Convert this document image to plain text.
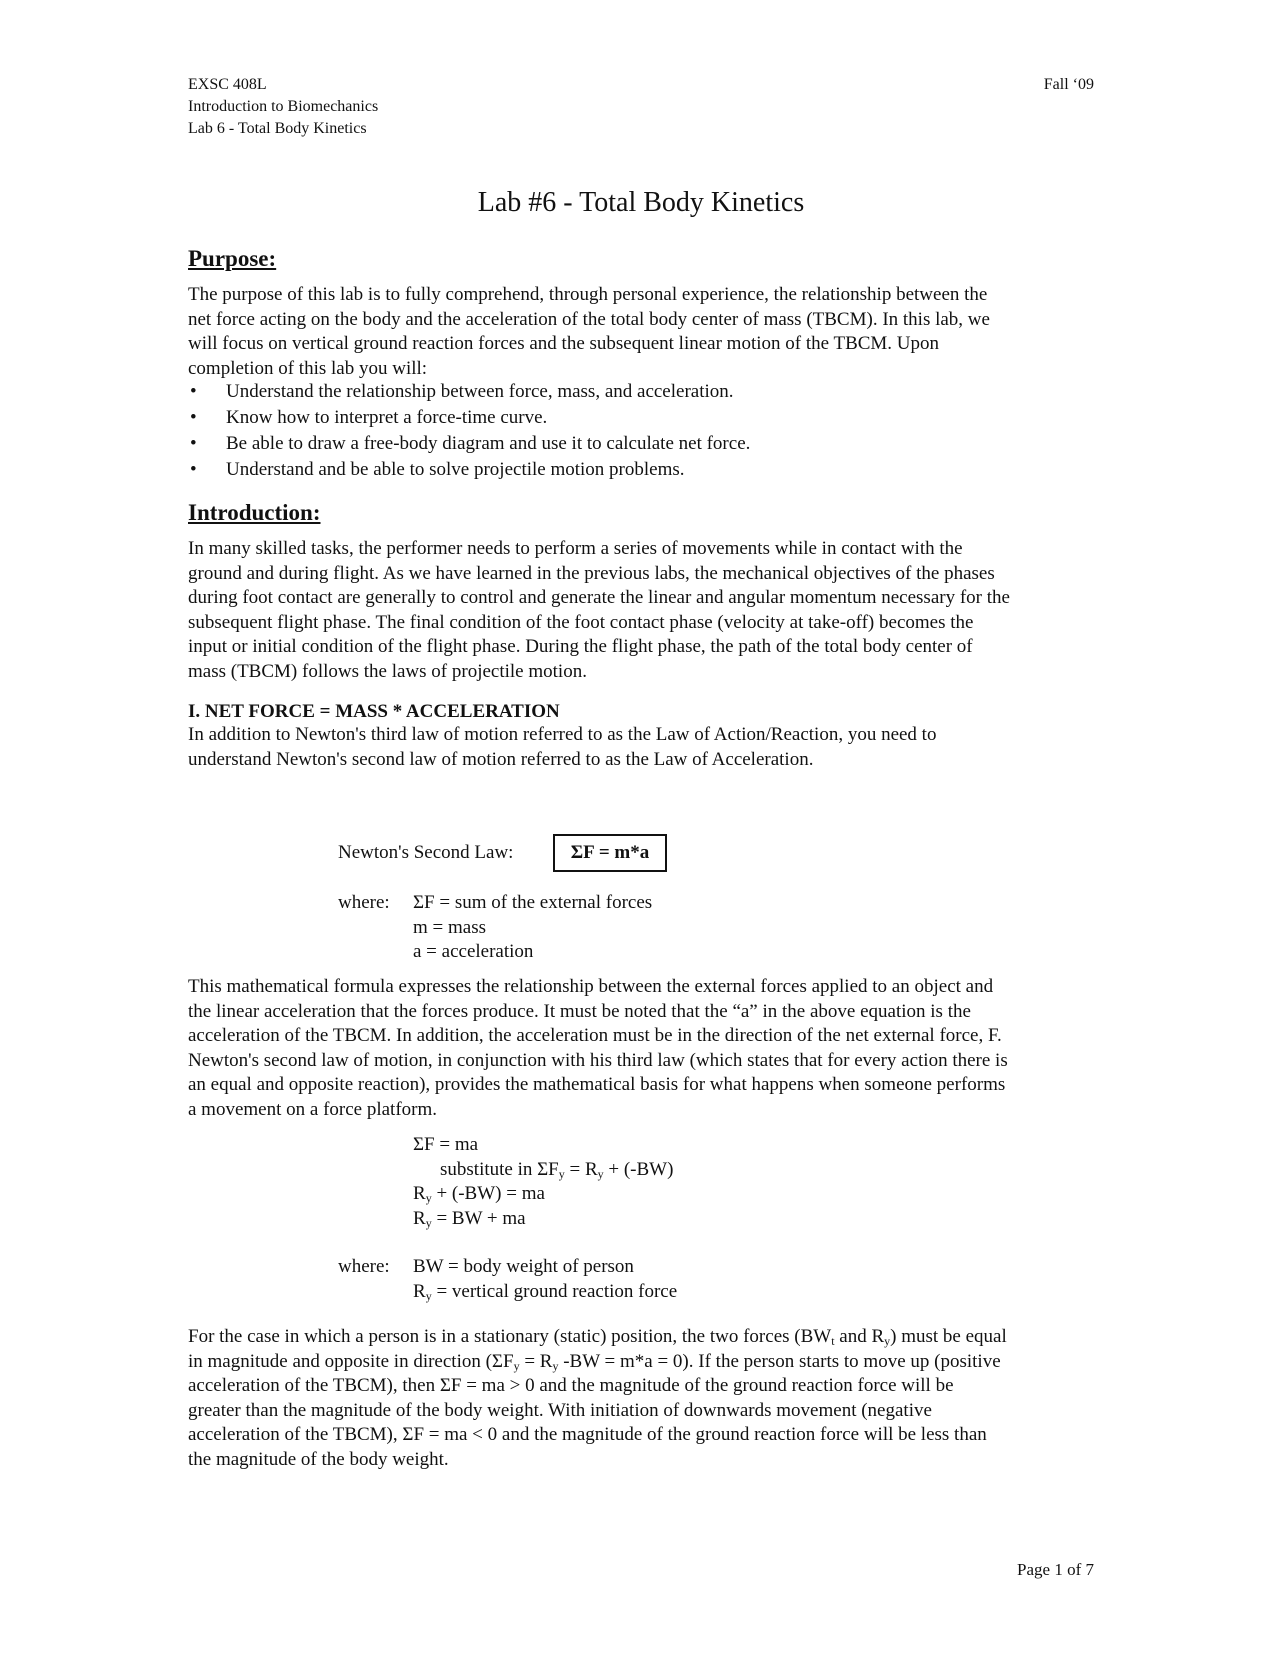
EXSC 408L
Introduction to Biomechanics
Lab 6 - Total Body Kinetics
Fall ‘09
Lab #6 - Total Body Kinetics
Purpose:

The purpose of this lab is to fully comprehend, through personal experience, the relationship between the

net force acting on the body and the acceleration of the total body center of mass (TBCM). In this lab, we

will focus on vertical ground reaction forces and the subsequent linear motion of the TBCM. Upon

completion of this lab you will:

• Understand the relationship between force, mass, and acceleration.
• Know how to interpret a force-time curve.
• Be able to draw a free-body diagram and use it to calculate net force.
• Understand and be able to solve projectile motion problems.
Introduction:

In many skilled tasks, the performer needs to perform a series of movements while in contact with the

ground and during flight. As we have learned in the previous labs, the mechanical objectives of the phases

during foot contact are generally to control and generate the linear and angular momentum necessary for the

subsequent flight phase. The final condition of the foot contact phase (velocity at take-off) becomes the

input or initial condition of the flight phase. During the flight phase, the path of the total body center of

mass (TBCM) follows the laws of projectile motion.

I. NET FORCE = MASS * ACCELERATION

In addition to Newton's third law of motion referred to as the Law of Action/Reaction, you need to

understand Newton's second law of motion referred to as the Law of Acceleration.

Newton's Second Law:	ΣF = m*a
where: ΣF = sum of the external forces
m = mass
a = acceleration

This mathematical formula expresses the relationship between the external forces applied to an object and

the linear acceleration that the forces produce. It must be noted that the “a” in the above equation is the

acceleration of the TBCM. In addition, the acceleration must be in the direction of the net external force, F.

Newton's second law of motion, in conjunction with his third law (which states that for every action there is

an equal and opposite reaction), provides the mathematical basis for what happens when someone performs

a movement on a force platform.

ΣF = ma
substitute in $\Sigma F_y = R_y + (-BW)$
$R_y + (-BW)$ = ma
$R_y$ = BW + ma
where: BW = body weight of person
$R_y$ = vertical ground reaction force

For the case in which a person is in a stationary (static) position, the two forces ($BW_t$ and $R_y$) must be equal

in magnitude and opposite in direction ($\Sigma F_y = R_y$ -BW = m*a = 0). If the person starts to move up (positive

acceleration of the TBCM), then ΣF = ma > 0 and the magnitude of the ground reaction force will be

greater than the magnitude of the body weight. With initiation of downwards movement (negative

acceleration of the TBCM), ΣF = ma < 0 and the magnitude of the ground reaction force will be less than

the magnitude of the body weight.

Page 1 of 7
